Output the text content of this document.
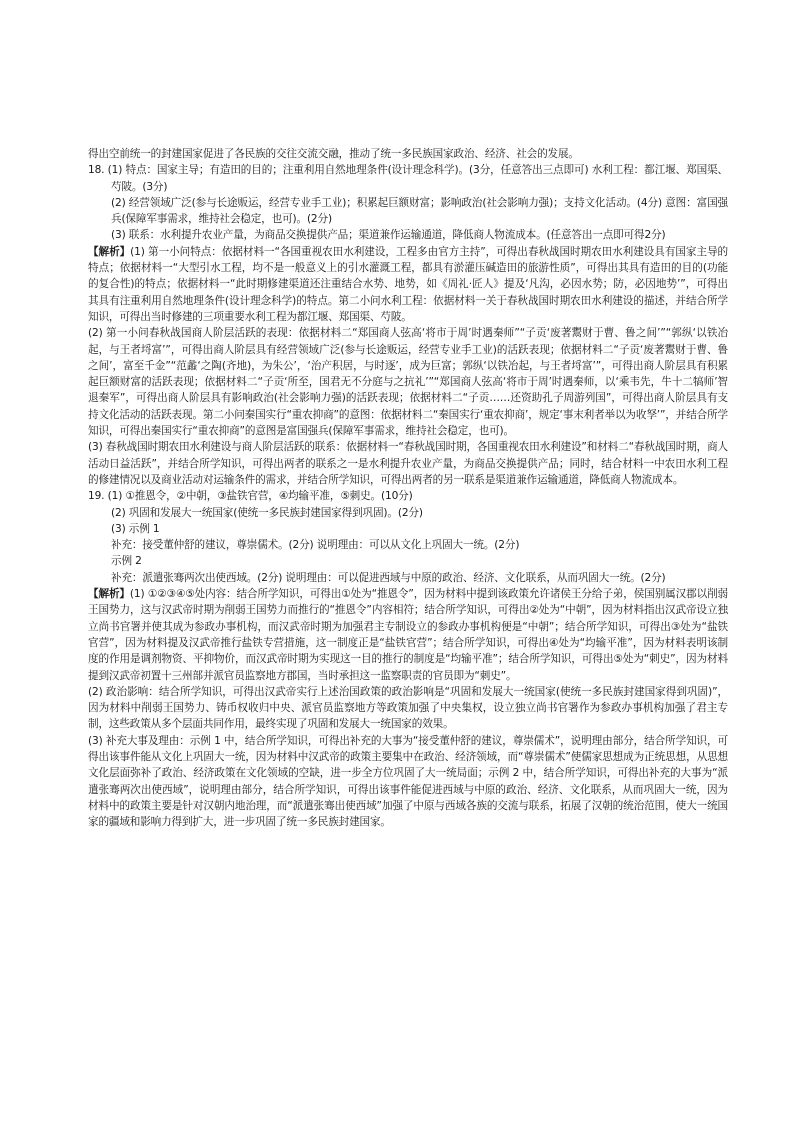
得出空前统一的封建国家促进了各民族的交往交流交融，推动了统一多民族国家政治、经济、社会的发展。

18. (1) 特点：国家主导；有造田的目的；注重利用自然地理条件(设计理念科学)。(3分，任意答出三点即可) 水利工程：都江堰、郑国渠、芍陂。(3分)

(2) 经营领域广泛(参与长途贩运，经营专业手工业)；积累起巨额财富；影响政治(社会影响力强)；支持文化活动。(4分) 意图：富国强兵(保障军事需求，维持社会稳定，也可)。(2分)

(3) 联系：水利提升农业产量，为商品交换提供产品；渠道兼作运输通道，降低商人物流成本。(任意答出一点即可得2分)

【解析】(1) 第一小问特点：依据材料一“各国重视农田水利建设，工程多由官方主持”，可得出春秋战国时期农田水利建设具有国家主导的特点；依据材料一“大型引水工程，均不是一般意义上的引水灌溉工程，都具有淤灌压碱造田的旅游性质”，可得出其具有造田的目的(功能的复合性)的特点；依据材料一“此时期修建渠道还注重结合水势、地势，如《周礼·匠人》提及‘凡沟，必因水势；防，必因地势’”，可得出其具有注重利用自然地理条件(设计理念科学)的特点。第二小问水利工程：依据材料一关于春秋战国时期农田水利建设的描述，并结合所学知识，可得出当时修建的三项重要水利工程为都江堰、郑国渠、芍陂。

(2) 第一小问春秋战国商人阶层活跃的表现：依据材料二“郑国商人弦高‘将市于周’时遇秦师”“子贡‘废著鬻财于曹、鲁之间’”“郭纵‘以铁冶起，与王者埒富’”，可得出商人阶层具有经营领域广泛(参与长途贩运，经营专业手工业)的活跃表现；依据材料二“子贡‘废著鬻财于曹、鲁之间’，富至千金”“范蠡‘之陶(齐地)，为朱公’，‘治产积居，与时逐’，成为巨富；郭纵‘以铁冶起，与王者埒富’”，可得出商人阶层具有积累起巨额财富的活跃表现；依据材料二“子贡‘所至，国君无不分庭与之抗礼’”“郑国商人弦高‘将市于周’时遇秦师，以‘乘韦先，牛十二犒师’智退秦军”，可得出商人阶层具有影响政治(社会影响力强)的活跃表现；依据材料二“子贡……还资助孔子周游列国”，可得出商人阶层具有支持文化活动的活跃表现。第二小问秦国实行“重农抑商”的意图：依据材料二“秦国实行‘重农抑商’，规定‘事末利者举以为收孥’”，并结合所学知识，可得出秦国实行“重农抑商”的意图是富国强兵(保障军事需求，维持社会稳定，也可)。

(3) 春秋战国时期农田水利建设与商人阶层活跃的联系：依据材料一“春秋战国时期，各国重视农田水利建设”和材料二“春秋战国时期，商人活动日益活跃”，并结合所学知识，可得出两者的联系之一是水利提升农业产量，为商品交换提供产品；同时，结合材料一中农田水利工程的修建情况以及商业活动对运输条件的需求，并结合所学知识，可得出两者的另一联系是渠道兼作运输通道，降低商人物流成本。

19. (1) ①推恩令，②中朝，③盐铁官营，④均输平准，⑤刺史。(10分)

(2) 巩固和发展大一统国家(使统一多民族封建国家得到巩固)。(2分)

(3) 示例 1

补充：接受董仲舒的建议，尊崇儒术。(2分) 说明理由：可以从文化上巩固大一统。(2分)

示例 2

补充：派遣张骞两次出使西域。(2分) 说明理由：可以促进西域与中原的政治、经济、文化联系，从而巩固大一统。(2分)

【解析】(1) ①②③④⑤处内容：结合所学知识，可得出①处为“推恩令”，因为材料中提到该政策允许诸侯王分给子弟，侯国别属汉郡以削弱王国势力，这与汉武帝时期为削弱王国势力而推行的“推恩令”内容相符；结合所学知识，可得出②处为“中朝”，因为材料指出汉武帝设立独立尚书官署并使其成为参政办事机构，而汉武帝时期为加强君主专制设立的参政办事机构便是“中朝”；结合所学知识，可得出③处为“盐铁官营”，因为材料提及汉武帝推行盐铁专营措施，这一制度正是“盐铁官营”；结合所学知识，可得出④处为“均输平准”，因为材料表明该制度的作用是调剂物资、平抑物价，而汉武帝时期为实现这一目的推行的制度是“均输平准”；结合所学知识，可得出⑤处为“刺史”，因为材料提到汉武帝初置十三州部并派官员监察地方郡国，当时承担这一监察职责的官员即为“刺史”。

(2) 政治影响：结合所学知识，可得出汉武帝实行上述治国政策的政治影响是“巩固和发展大一统国家(使统一多民族封建国家得到巩固)”，因为材料中削弱王国势力、铸币权收归中央、派官员监察地方等政策加强了中央集权，设立独立尚书官署作为参政办事机构加强了君主专制，这些政策从多个层面共同作用，最终实现了巩固和发展大一统国家的效果。

(3) 补充大事及理由：示例 1 中，结合所学知识，可得出补充的大事为“接受董仲舒的建议，尊崇儒术”，说明理由部分，结合所学知识，可得出该事件能从文化上巩固大一统，因为材料中汉武帝的政策主要集中在政治、经济领域，而“尊崇儒术”使儒家思想成为正统思想，从思想文化层面弥补了政治、经济政策在文化领域的空缺，进一步全方位巩固了大一统局面；示例 2 中，结合所学知识，可得出补充的大事为“派遣张骞两次出使西域”，说明理由部分，结合所学知识，可得出该事件能促进西域与中原的政治、经济、文化联系，从而巩固大一统，因为材料中的政策主要是针对汉朝内地治理，而“派遣张骞出使西域”加强了中原与西域各族的交流与联系，拓展了汉朝的统治范围，使大一统国家的疆域和影响力得到扩大，进一步巩固了统一多民族封建国家。
